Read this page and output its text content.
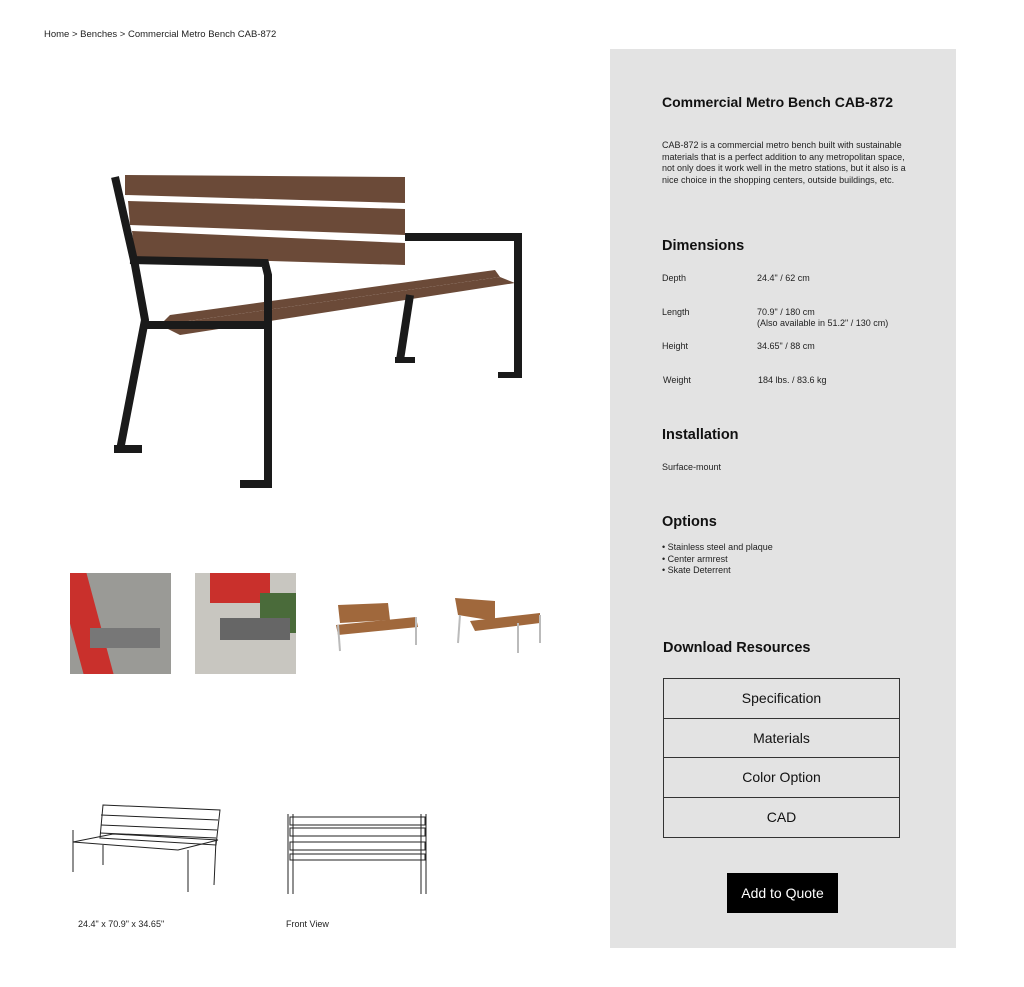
Home > Benches > Commercial Metro Bench CAB-872
24.4" x 70.9" x 34.65"	Front View
Commercial Metro Bench CAB-872
CAB-872 is a commercial metro bench built with sustainable materials that is a perfect addition to any metropolitan space, not only does it work well in the metro stations, but it also is a nice choice in the shopping centers, outside buildings, etc.
Dimensions
Depth	24.4" / 62 cm
Length	70.9" / 180 cm
(Also available in 51.2" / 130 cm)
Height	34.65" / 88 cm
Weight	184 lbs. / 83.6 kg
Installation
Surface-mount
Options
• Stainless steel and plaque
• Center armrest
• Skate Deterrent
Download Resources
Specification
Materials
Color Option
CAD
Add to Quote
